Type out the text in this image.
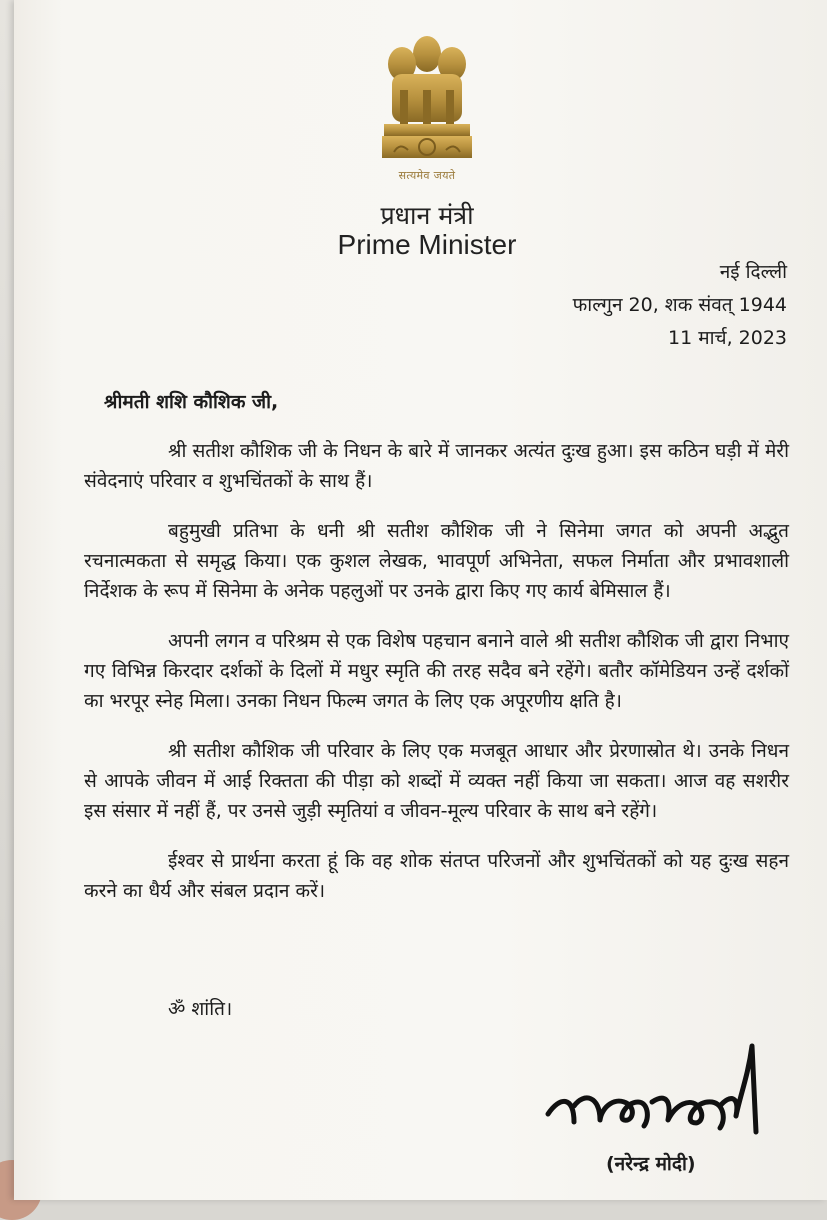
सत्यमेव जयते
प्रधान मंत्री
Prime Minister
नई दिल्ली
फाल्गुन 20, शक संवत् 1944
11 मार्च, 2023
श्रीमती शशि कौशिक जी,

श्री सतीश कौशिक जी के निधन के बारे में जानकर अत्यंत दुःख हुआ। इस कठिन घड़ी में मेरी संवेदनाएं परिवार व शुभचिंतकों के साथ हैं।

बहुमुखी प्रतिभा के धनी श्री सतीश कौशिक जी ने सिनेमा जगत को अपनी अद्भुत रचनात्मकता से समृद्ध किया। एक कुशल लेखक, भावपूर्ण अभिनेता, सफल निर्माता और प्रभावशाली निर्देशक के रूप में सिनेमा के अनेक पहलुओं पर उनके द्वारा किए गए कार्य बेमिसाल हैं।

अपनी लगन व परिश्रम से एक विशेष पहचान बनाने वाले श्री सतीश कौशिक जी द्वारा निभाए गए विभिन्न किरदार दर्शकों के दिलों में मधुर स्मृति की तरह सदैव बने रहेंगे। बतौर कॉमेडियन उन्हें दर्शकों का भरपूर स्नेह मिला। उनका निधन फिल्म जगत के लिए एक अपूरणीय क्षति है।

श्री सतीश कौशिक जी परिवार के लिए एक मजबूत आधार और प्रेरणास्रोत थे। उनके निधन से आपके जीवन में आई रिक्तता की पीड़ा को शब्दों में व्यक्त नहीं किया जा सकता। आज वह सशरीर इस संसार में नहीं हैं, पर उनसे जुड़ी स्मृतियां व जीवन-मूल्य परिवार के साथ बने रहेंगे।

ईश्वर से प्रार्थना करता हूं कि वह शोक संतप्त परिजनों और शुभचिंतकों को यह दुःख सहन करने का धैर्य और संबल प्रदान करें।

ॐ शांति।
(नरेन्द्र मोदी)
